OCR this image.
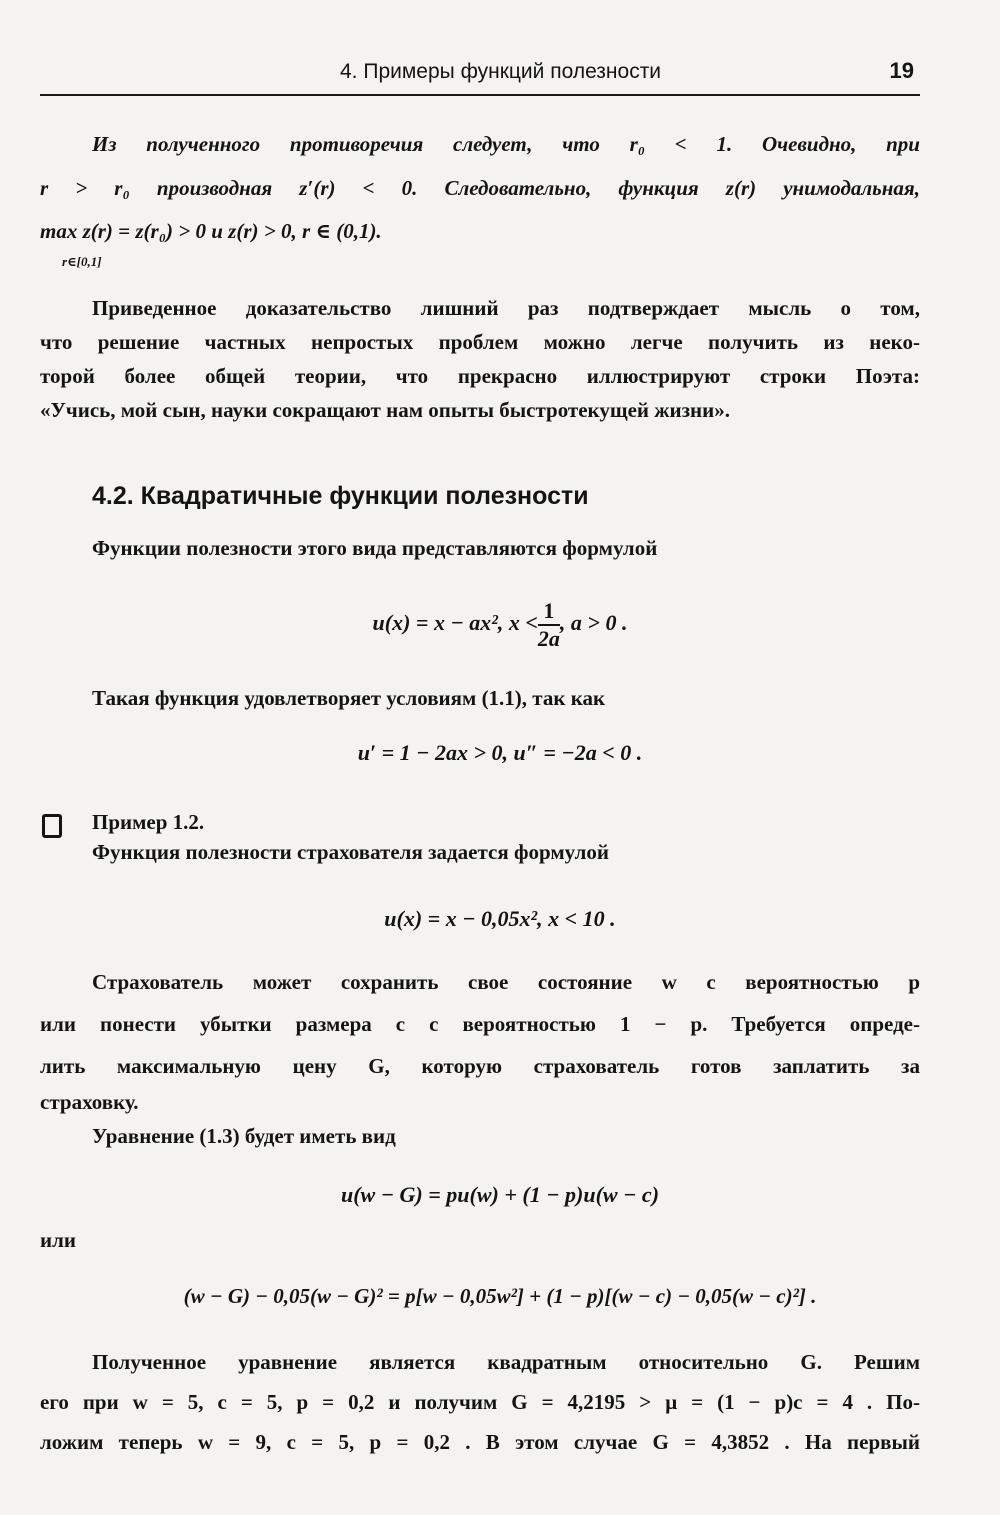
4. Примеры функций полезности	19

Из полученного противоречия следует, что r₀ < 1. Очевидно, при

r > r₀ производная z′(r) < 0. Следовательно, функция z(r) унимодальная,

max z(r) = z(r₀) > 0 и z(r) > 0, r ∈ (0,1).

r∈[0,1]

Приведенное доказательство лишний раз подтверждает мысль о том,

что решение частных непростых проблем можно легче получить из неко-

торой более общей теории, что прекрасно иллюстрируют строки Поэта:

«Учись, мой сын, науки сокращают нам опыты быстротекущей жизни».

4.2. Квадратичные функции полезности

Функции полезности этого вида представляются формулой

u(x) = x − ax², $x < \frac{1}{2a}$ , a > 0 .

Такая функция удовлетворяет условиям (1.1), так как

u′ = 1 − 2ax > 0, u″ = −2a < 0 .

Пример 1.2.

Функция полезности страхователя задается формулой

u(x) = x − 0,05x², x < 10 .

Страхователь может сохранить свое состояние w с вероятностью p

или понести убытки размера c с вероятностью 1 − p. Требуется опреде-

лить максимальную цену G, которую страхователь готов заплатить за

страховку.

Уравнение (1.3) будет иметь вид

u(w − G) = pu(w) + (1 − p)u(w − c)

или

(w − G) − 0,05(w − G)² = p[w − 0,05w²] + (1 − p)[(w − c) − 0,05(w − c)²] .

Полученное уравнение является квадратным относительно G. Решим

его при w = 5, c = 5, p = 0,2 и получим G = 4,2195 > μ = (1 − p)c = 4 . По-

ложим теперь w = 9, c = 5, p = 0,2 . В этом случае G = 4,3852 . На первый
